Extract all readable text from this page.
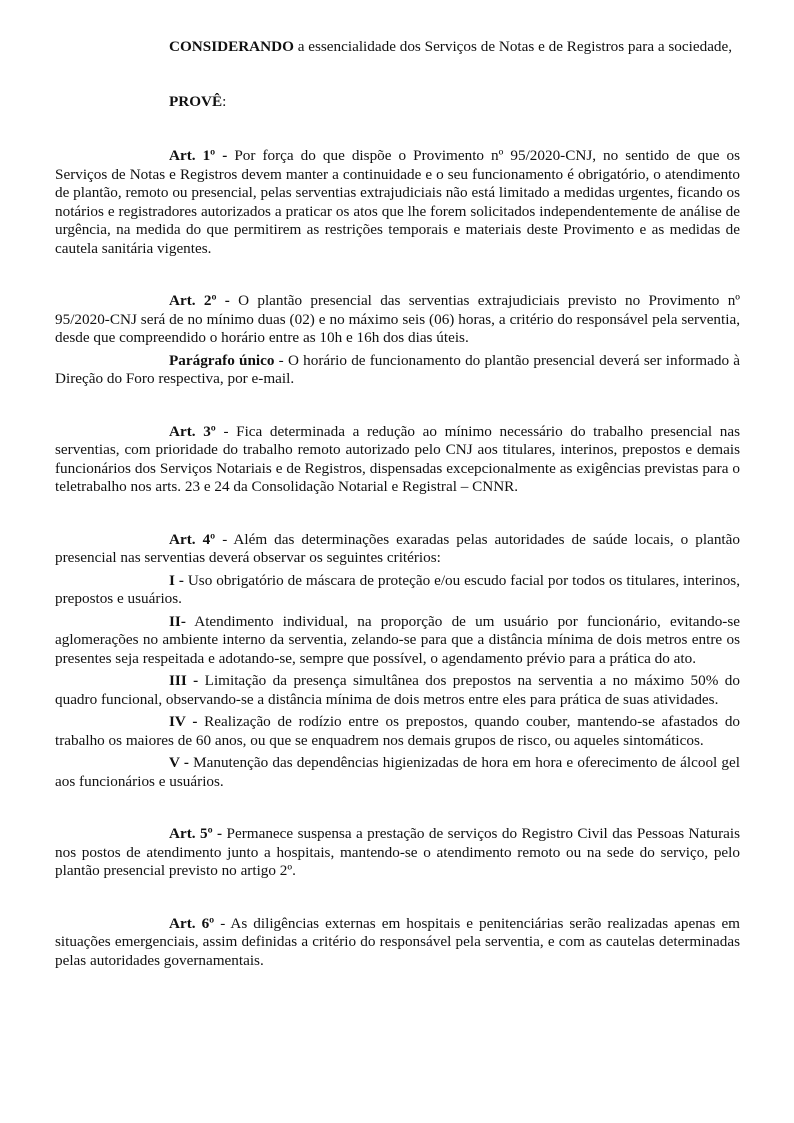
CONSIDERANDO a essencialidade dos Serviços de Notas e de Registros para a sociedade,

PROVÊ:

Art. 1º - Por força do que dispõe o Provimento nº 95/2020-CNJ, no sentido de que os Serviços de Notas e Registros devem manter a continuidade e o seu funcionamento é obrigatório, o atendimento de plantão, remoto ou presencial, pelas serventias extrajudiciais não está limitado a medidas urgentes, ficando os notários e registradores autorizados a praticar os atos que lhe forem solicitados independentemente de análise de urgência, na medida do que permitirem as restrições temporais e materiais deste Provimento e as medidas de cautela sanitária vigentes.

Art. 2º - O plantão presencial das serventias extrajudiciais previsto no Provimento nº 95/2020-CNJ será de no mínimo duas (02) e no máximo seis (06) horas, a critério do responsável pela serventia, desde que compreendido o horário entre as 10h e 16h dos dias úteis.

Parágrafo único - O horário de funcionamento do plantão presencial deverá ser informado à Direção do Foro respectiva, por e-mail.

Art. 3º - Fica determinada a redução ao mínimo necessário do trabalho presencial nas serventias, com prioridade do trabalho remoto autorizado pelo CNJ aos titulares, interinos, prepostos e demais funcionários dos Serviços Notariais e de Registros, dispensadas excepcionalmente as exigências previstas para o teletrabalho nos arts. 23 e 24 da Consolidação Notarial e Registral – CNNR.

Art. 4º - Além das determinações exaradas pelas autoridades de saúde locais, o plantão presencial nas serventias deverá observar os seguintes critérios:

I - Uso obrigatório de máscara de proteção e/ou escudo facial por todos os titulares, interinos, prepostos e usuários.

II- Atendimento individual, na proporção de um usuário por funcionário, evitando-se aglomerações no ambiente interno da serventia, zelando-se para que a distância mínima de dois metros entre os presentes seja respeitada e adotando-se, sempre que possível, o agendamento prévio para a prática do ato.

III - Limitação da presença simultânea dos prepostos na serventia a no máximo 50% do quadro funcional, observando-se a distância mínima de dois metros entre eles para prática de suas atividades.

IV - Realização de rodízio entre os prepostos, quando couber, mantendo-se afastados do trabalho os maiores de 60 anos, ou que se enquadrem nos demais grupos de risco, ou aqueles sintomáticos.

V - Manutenção das dependências higienizadas de hora em hora e oferecimento de álcool gel aos funcionários e usuários.

Art. 5º - Permanece suspensa a prestação de serviços do Registro Civil das Pessoas Naturais nos postos de atendimento junto a hospitais, mantendo-se o atendimento remoto ou na sede do serviço, pelo plantão presencial previsto no artigo 2º.

Art. 6º - As diligências externas em hospitais e penitenciárias serão realizadas apenas em situações emergenciais, assim definidas a critério do responsável pela serventia, e com as cautelas determinadas pelas autoridades governamentais.
